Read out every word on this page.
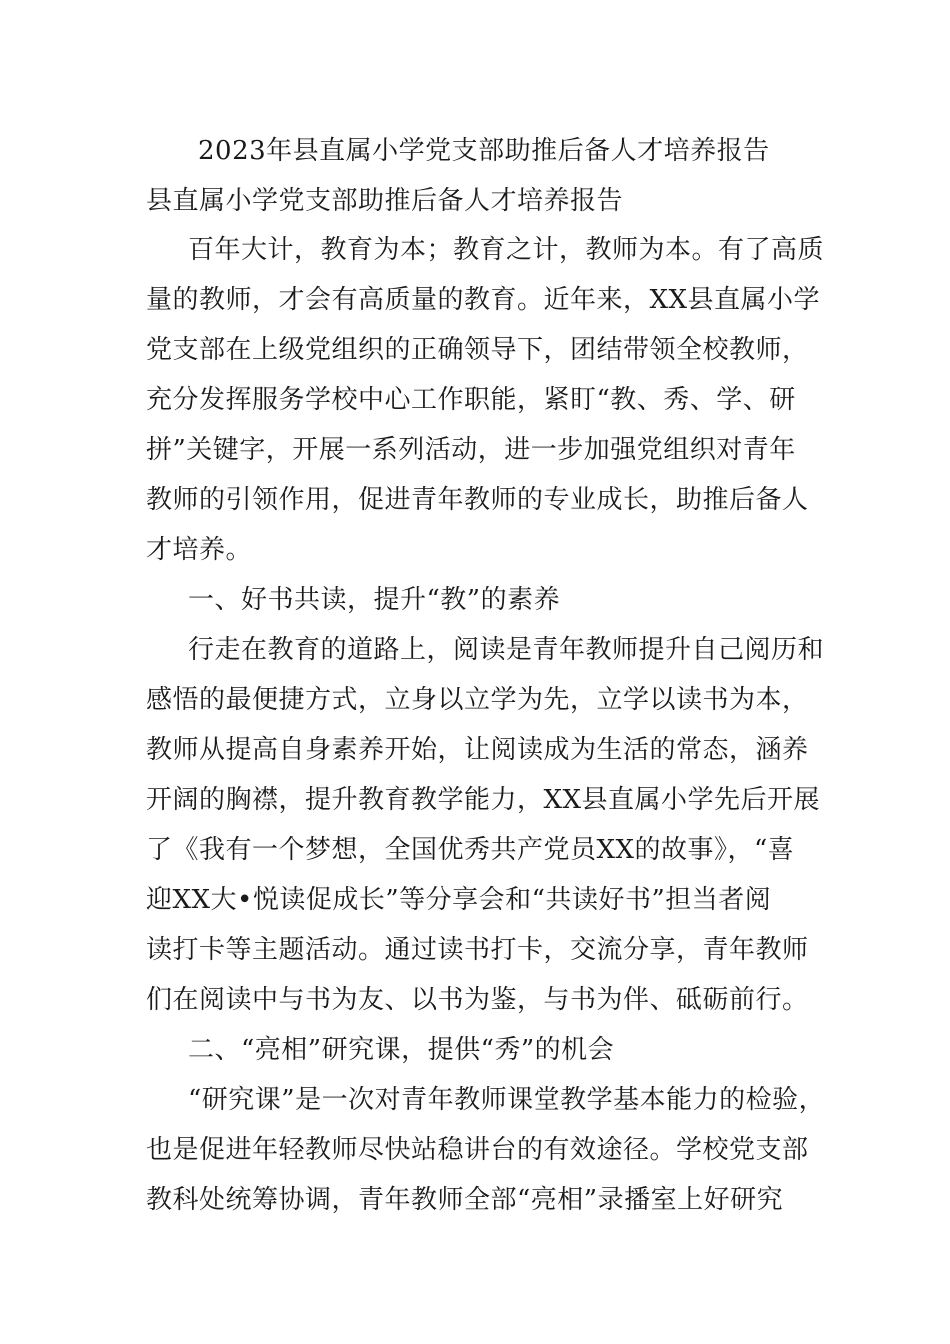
2023年县直属小学党支部助推后备人才培养报告
县直属小学党支部助推后备人才培养报告
百年大计，教育为本；教育之计，教师为本。有了高质
量的教师，才会有高质量的教育。近年来，XX县直属小学
党支部在上级党组织的正确领导下，团结带领全校教师，
充分发挥服务学校中心工作职能，紧盯“教、秀、学、研
拼”关键字，开展一系列活动，进一步加强党组织对青年
教师的引领作用，促进青年教师的专业成长，助推后备人
才培养。
一、好书共读，提升“教”的素养
行走在教育的道路上，阅读是青年教师提升自己阅历和
感悟的最便捷方式，立身以立学为先，立学以读书为本，
教师从提高自身素养开始，让阅读成为生活的常态，涵养
开阔的胸襟，提升教育教学能力，XX县直属小学先后开展
了《我有一个梦想，全国优秀共产党员XX的故事》，“喜
迎XX大•悦读促成长”等分享会和“共读好书”担当者阅
读打卡等主题活动。通过读书打卡，交流分享，青年教师
们在阅读中与书为友、以书为鉴，与书为伴、砥砺前行。
二、“亮相”研究课，提供“秀”的机会
“研究课”是一次对青年教师课堂教学基本能力的检验，
也是促进年轻教师尽快站稳讲台的有效途径。学校党支部
教科处统筹协调，青年教师全部“亮相”录播室上好研究
